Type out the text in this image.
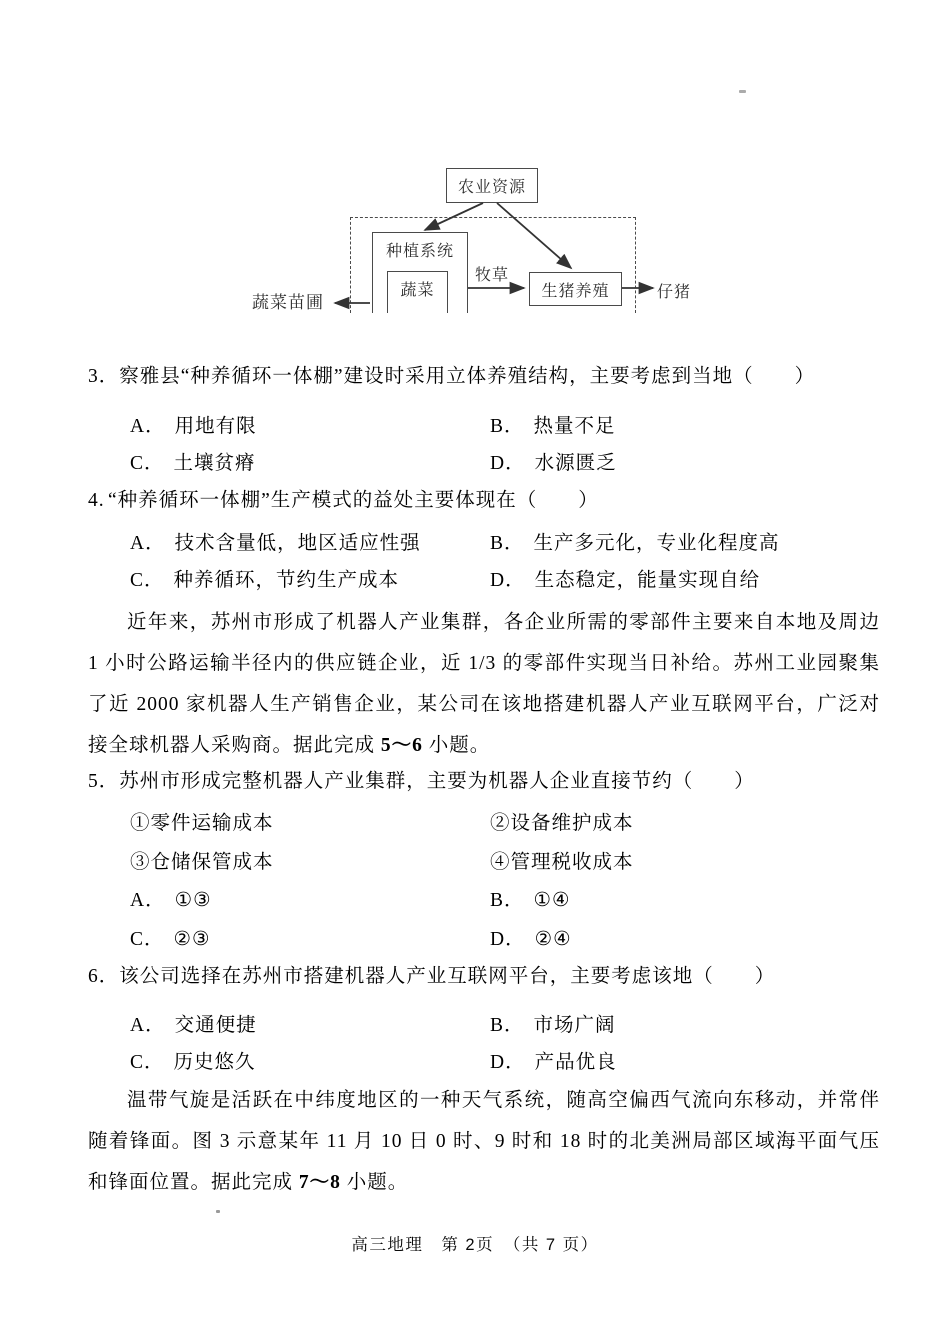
农业资源
种植系统
蔬菜	生猪养殖
牧草
仔猪
蔬菜苗圃
3．察雅县“种养循环一体棚”建设时采用立体养殖结构，主要考虑到当地（　　）
A． 用地有限	B． 热量不足
C． 土壤贫瘠	D． 水源匮乏
4. “种养循环一体棚”生产模式的益处主要体现在（　　）
A． 技术含量低，地区适应性强	B． 生产多元化，专业化程度高
C． 种养循环，节约生产成本	D． 生态稳定，能量实现自给
近年来，苏州市形成了机器人产业集群，各企业所需的零部件主要来自本地及周边 1 小时公路运输半径内的供应链企业，近 1/3 的零部件实现当日补给。苏州工业园聚集了近 2000 家机器人生产销售企业，某公司在该地搭建机器人产业互联网平台，广泛对接全球机器人采购商。据此完成 5～6 小题。
5．苏州市形成完整机器人产业集群，主要为机器人企业直接节约（　　）
①零件运输成本	②设备维护成本
③仓储保管成本	④管理税收成本
A． ①③	B． ①④
C． ②③	D． ②④
6．该公司选择在苏州市搭建机器人产业互联网平台，主要考虑该地（　　）
A． 交通便捷	B． 市场广阔
C． 历史悠久	D． 产品优良
温带气旋是活跃在中纬度地区的一种天气系统，随高空偏西气流向东移动，并常伴随着锋面。图 3 示意某年 11 月 10 日 0 时、9 时和 18 时的北美洲局部区域海平面气压和锋面位置。据此完成 7～8 小题。
高三地理　第 2页　（共 7 页）
